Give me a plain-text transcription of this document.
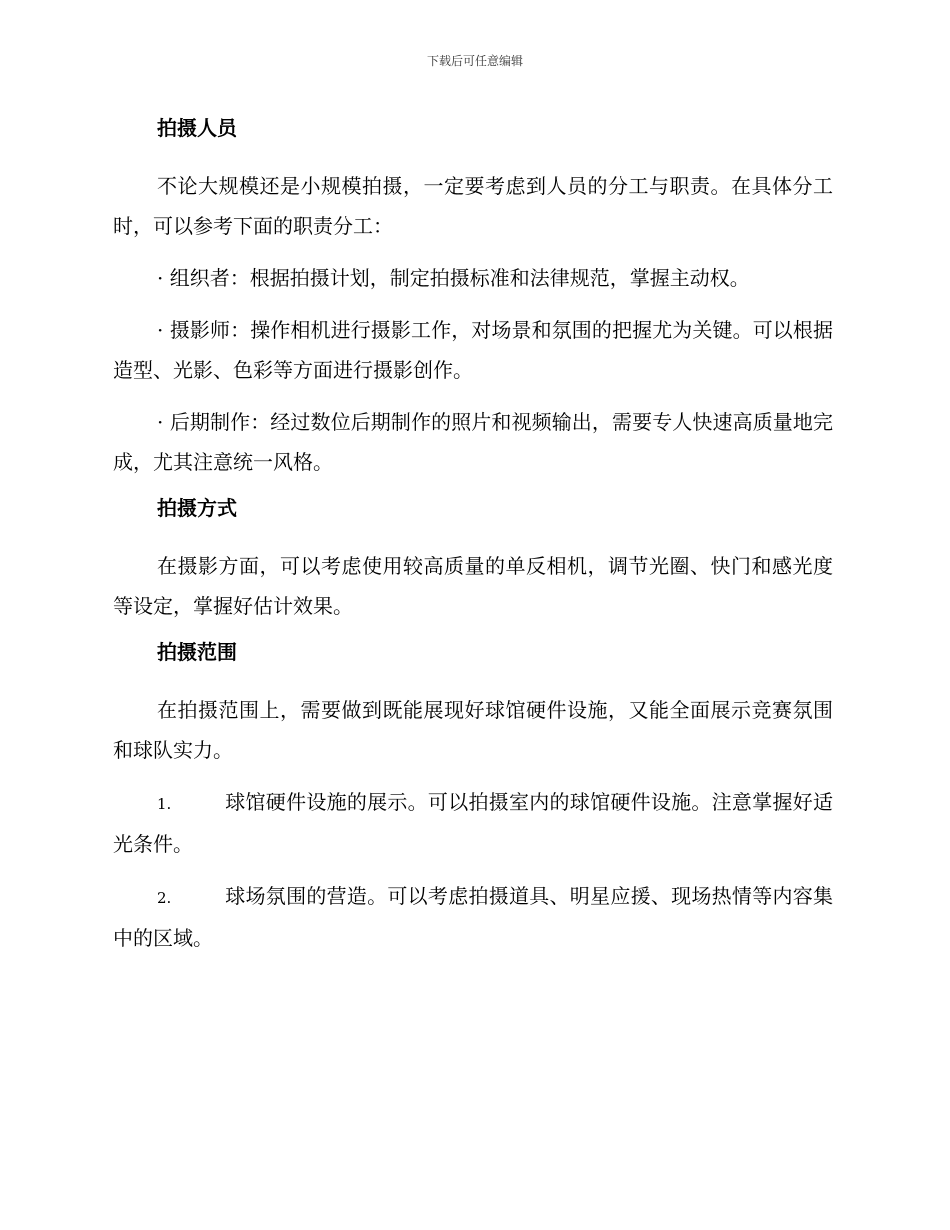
下载后可任意编辑
拍摄人员

不论大规模还是小规模拍摄，一定要考虑到人员的分工与职责。在具体分工时，可以参考下面的职责分工：

· 组织者：根据拍摄计划，制定拍摄标准和法律规范，掌握主动权。

· 摄影师：操作相机进行摄影工作，对场景和氛围的把握尤为关键。可以根据造型、光影、色彩等方面进行摄影创作。

· 后期制作：经过数位后期制作的照片和视频输出，需要专人快速高质量地完成，尤其注意统一风格。

拍摄方式

在摄影方面，可以考虑使用较高质量的单反相机，调节光圈、快门和感光度等设定，掌握好估计效果。

拍摄范围

在拍摄范围上，需要做到既能展现好球馆硬件设施，又能全面展示竞赛氛围和球队实力。

1.	球馆硬件设施的展示。可以拍摄室内的球馆硬件设施。注意掌握好适光条件。

2.	球场氛围的营造。可以考虑拍摄道具、明星应援、现场热情等内容集中的区域。
